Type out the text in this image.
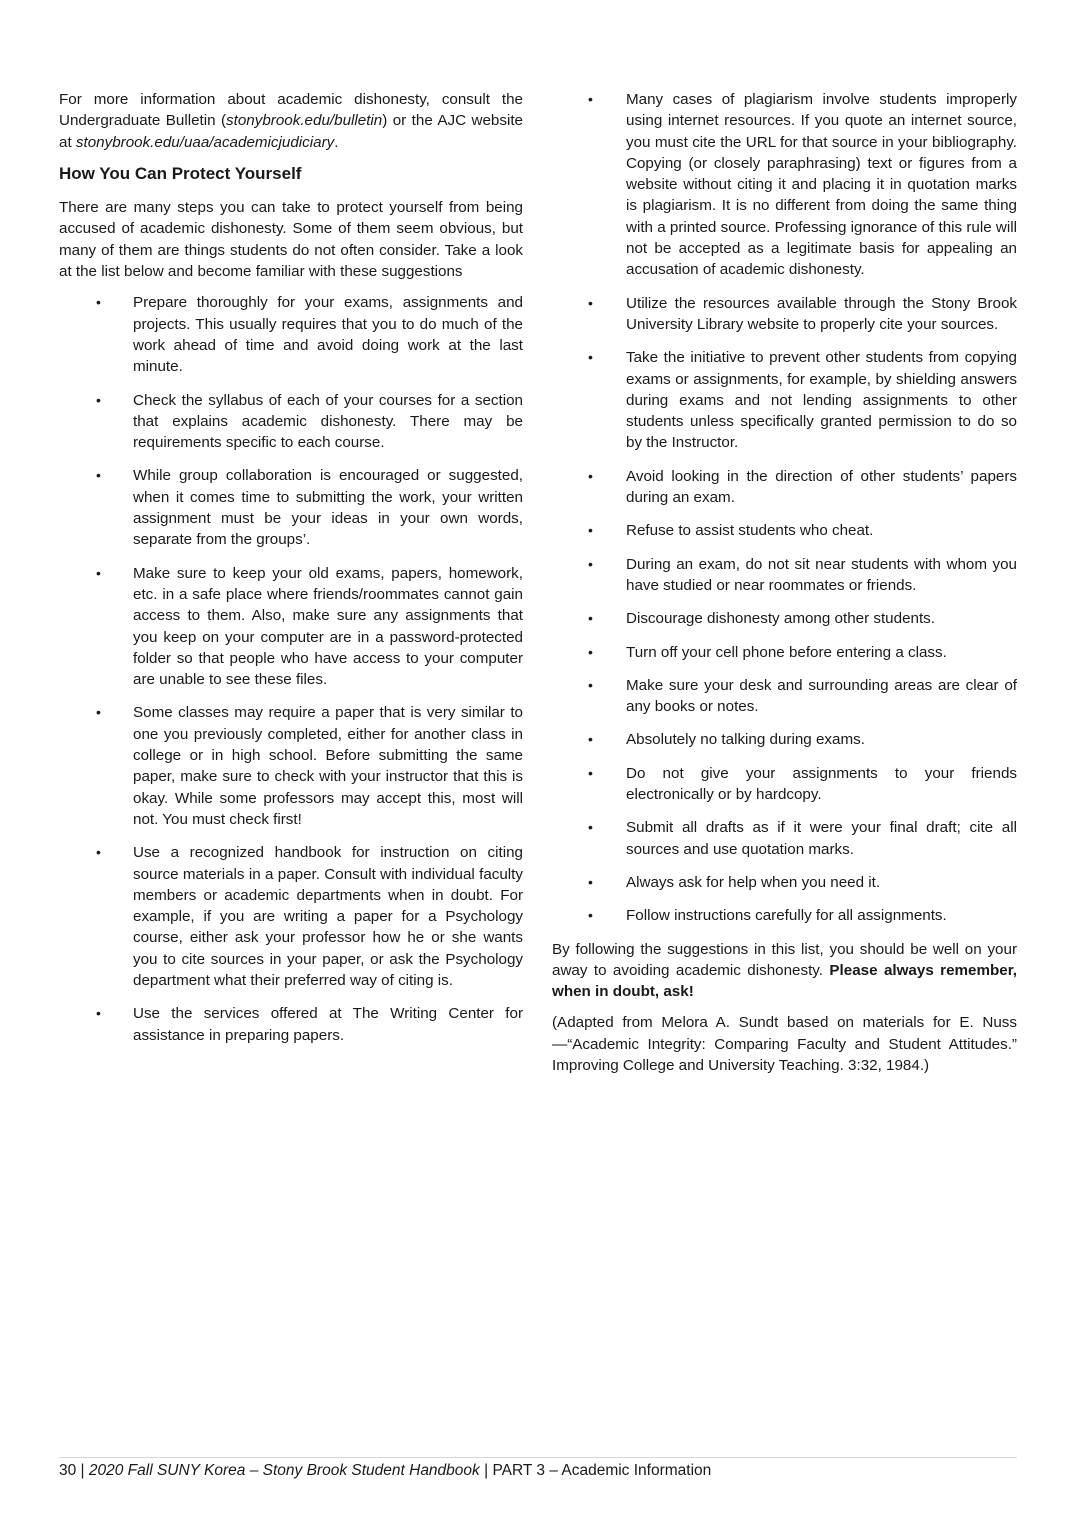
For more information about academic dishonesty, consult the Undergraduate Bulletin (stonybrook.edu/bulletin) or the AJC website at stonybrook.edu/uaa/academicjudiciary.

How You Can Protect Yourself

There are many steps you can take to protect yourself from being accused of academic dishonesty. Some of them seem obvious, but many of them are things students do not often consider. Take a look at the list below and become familiar with these suggestions

• Prepare thoroughly for your exams, assignments and projects. This usually requires that you to do much of the work ahead of time and avoid doing work at the last minute.
• Check the syllabus of each of your courses for a section that explains academic dishonesty. There may be requirements specific to each course.
• While group collaboration is encouraged or suggested, when it comes time to submitting the work, your written assignment must be your ideas in your own words, separate from the groups’.
• Make sure to keep your old exams, papers, homework, etc. in a safe place where friends/roommates cannot gain access to them. Also, make sure any assignments that you keep on your computer are in a password-protected folder so that people who have access to your computer are unable to see these files.
• Some classes may require a paper that is very similar to one you previously completed, either for another class in college or in high school. Before submitting the same paper, make sure to check with your instructor that this is okay. While some professors may accept this, most will not. You must check first!
• Use a recognized handbook for instruction on citing source materials in a paper. Consult with individual faculty members or academic departments when in doubt. For example, if you are writing a paper for a Psychology course, either ask your professor how he or she wants you to cite sources in your paper, or ask the Psychology department what their preferred way of citing is.
• Use the services offered at The Writing Center for assistance in preparing papers.
• Many cases of plagiarism involve students improperly using internet resources. If you quote an internet source, you must cite the URL for that source in your bibliography. Copying (or closely paraphrasing) text or figures from a website without citing it and placing it in quotation marks is plagiarism. It is no different from doing the same thing with a printed source. Professing ignorance of this rule will not be accepted as a legitimate basis for appealing an accusation of academic dishonesty.
• Utilize the resources available through the Stony Brook University Library website to properly cite your sources.
• Take the initiative to prevent other students from copying exams or assignments, for example, by shielding answers during exams and not lending assignments to other students unless specifically granted permission to do so by the Instructor.
• Avoid looking in the direction of other students’ papers during an exam.
• Refuse to assist students who cheat.
• During an exam, do not sit near students with whom you have studied or near roommates or friends.
• Discourage dishonesty among other students.
• Turn off your cell phone before entering a class.
• Make sure your desk and surrounding areas are clear of any books or notes.
• Absolutely no talking during exams.
• Do not give your assignments to your friends electronically or by hardcopy.
• Submit all drafts as if it were your final draft; cite all sources and use quotation marks.
• Always ask for help when you need it.
• Follow instructions carefully for all assignments.

By following the suggestions in this list, you should be well on your away to avoiding academic dishonesty. Please always remember, when in doubt, ask!

(Adapted from Melora A. Sundt based on materials for E. Nuss—“Academic Integrity: Comparing Faculty and Student Attitudes.” Improving College and University Teaching. 3:32, 1984.)

30 | 2020 Fall SUNY Korea – Stony Brook Student Handbook | PART 3 – Academic Information
